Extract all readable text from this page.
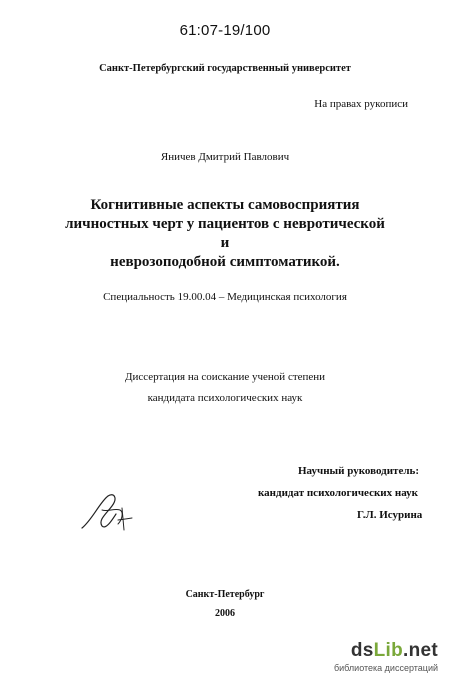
61:07-19/100
Санкт-Петербургский государственный университет
На правах рукописи
Яничев Дмитрий Павлович
Когнитивные аспекты самовосприятия
личностных черт у пациентов с невротической и
неврозоподобной симптоматикой.
Специальность 19.00.04 – Медицинская психология
Диссертация на соискание ученой степени
кандидата психологических наук
Научный руководитель:
кандидат психологических наук
Г.Л. Исурина
Санкт-Петербург
2006
dsLib.net
библиотека диссертаций
